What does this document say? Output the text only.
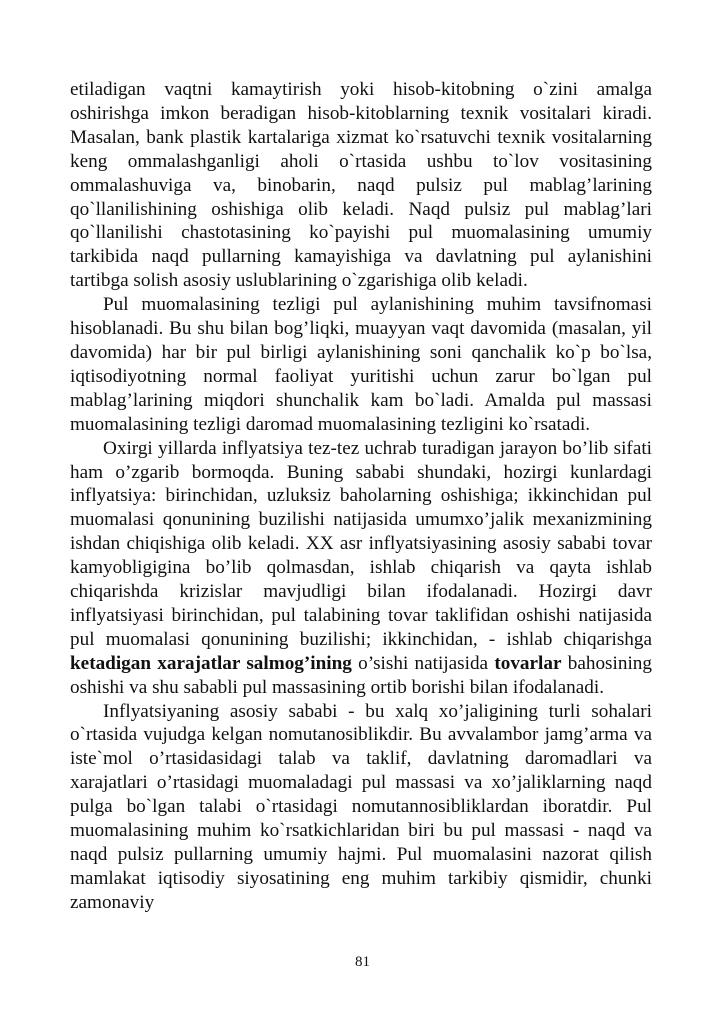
etiladigan vaqtni kamaytirish yoki hisob-kitobning o`zini amalga oshirishga imkon beradigan hisob-kitoblarning texnik vositalari kiradi. Masalan, bank plastik kartalariga xizmat ko`rsatuvchi texnik vositalarning keng ommalashganligi aholi o`rtasida ushbu to`lov vositasining ommalashuviga va, binobarin, naqd pulsiz pul mablag’larining qo`llanilishining oshishiga olib keladi. Naqd pulsiz pul mablag’lari qo`llanilishi chastotasining ko`payishi pul muomalasining umumiy tarkibida naqd pullarning kamayishiga va davlatning pul aylanishini tartibga solish asosiy uslublarining o`zgarishiga olib keladi.

Pul muomalasining tezligi pul aylanishining muhim tavsifnomasi hisoblanadi. Bu shu bilan bog’liqki, muayyan vaqt davomida (masalan, yil davomida) har bir pul birligi aylanishining soni qanchalik ko`p bo`lsa, iqtisodiyotning normal faoliyat yuritishi uchun zarur bo`lgan pul mablag’larining miqdori shunchalik kam bo`ladi. Amalda pul massasi muomalasining tezligi daromad muomalasining tezligini ko`rsatadi.

Oxirgi yillarda inflyatsiya tez-tez uchrab turadigan jarayon bo’lib sifati ham o’zgarib bormoqda. Buning sababi shundaki, hozirgi kunlardagi inflyatsiya: birinchidan, uzluksiz baholarning oshishiga; ikkinchidan pul muomalasi qonunining buzilishi natijasida umumxo’jalik mexanizmining ishdan chiqishiga olib keladi. XX asr inflyatsiyasining asosiy sababi tovar kamyobligigina bo’lib qolmasdan, ishlab chiqarish va qayta ishlab chiqarishda krizislar mavjudligi bilan ifodalanadi. Hozirgi davr inflyatsiyasi birinchidan, pul talabining tovar taklifidan oshishi natijasida pul muomalasi qonunining buzilishi; ikkinchidan, - ishlab chiqarishga ketadigan xarajatlar salmog’ining o’sishi natijasida tovarlar bahosining oshishi va shu sababli pul massasining ortib borishi bilan ifodalanadi.

Inflyatsiyaning asosiy sababi - bu xalq xo’jaligining turli sohalari o`rtasida vujudga kelgan nomutanosiblikdir. Bu avvalambor jamg’arma va iste`mol o’rtasidasidagi talab va taklif, davlatning daromadlari va xarajatlari o’rtasidagi muomaladagi pul massasi va xo’jaliklarning naqd pulga bo`lgan talabi o`rtasidagi nomutannosibliklardan iboratdir. Pul muomalasining muhim ko`rsatkichlaridan biri bu pul massasi - naqd va naqd pulsiz pullarning umumiy hajmi. Pul muomalasini nazorat qilish mamlakat iqtisodiy siyosatining eng muhim tarkibiy qismidir, chunki zamonaviy

81
